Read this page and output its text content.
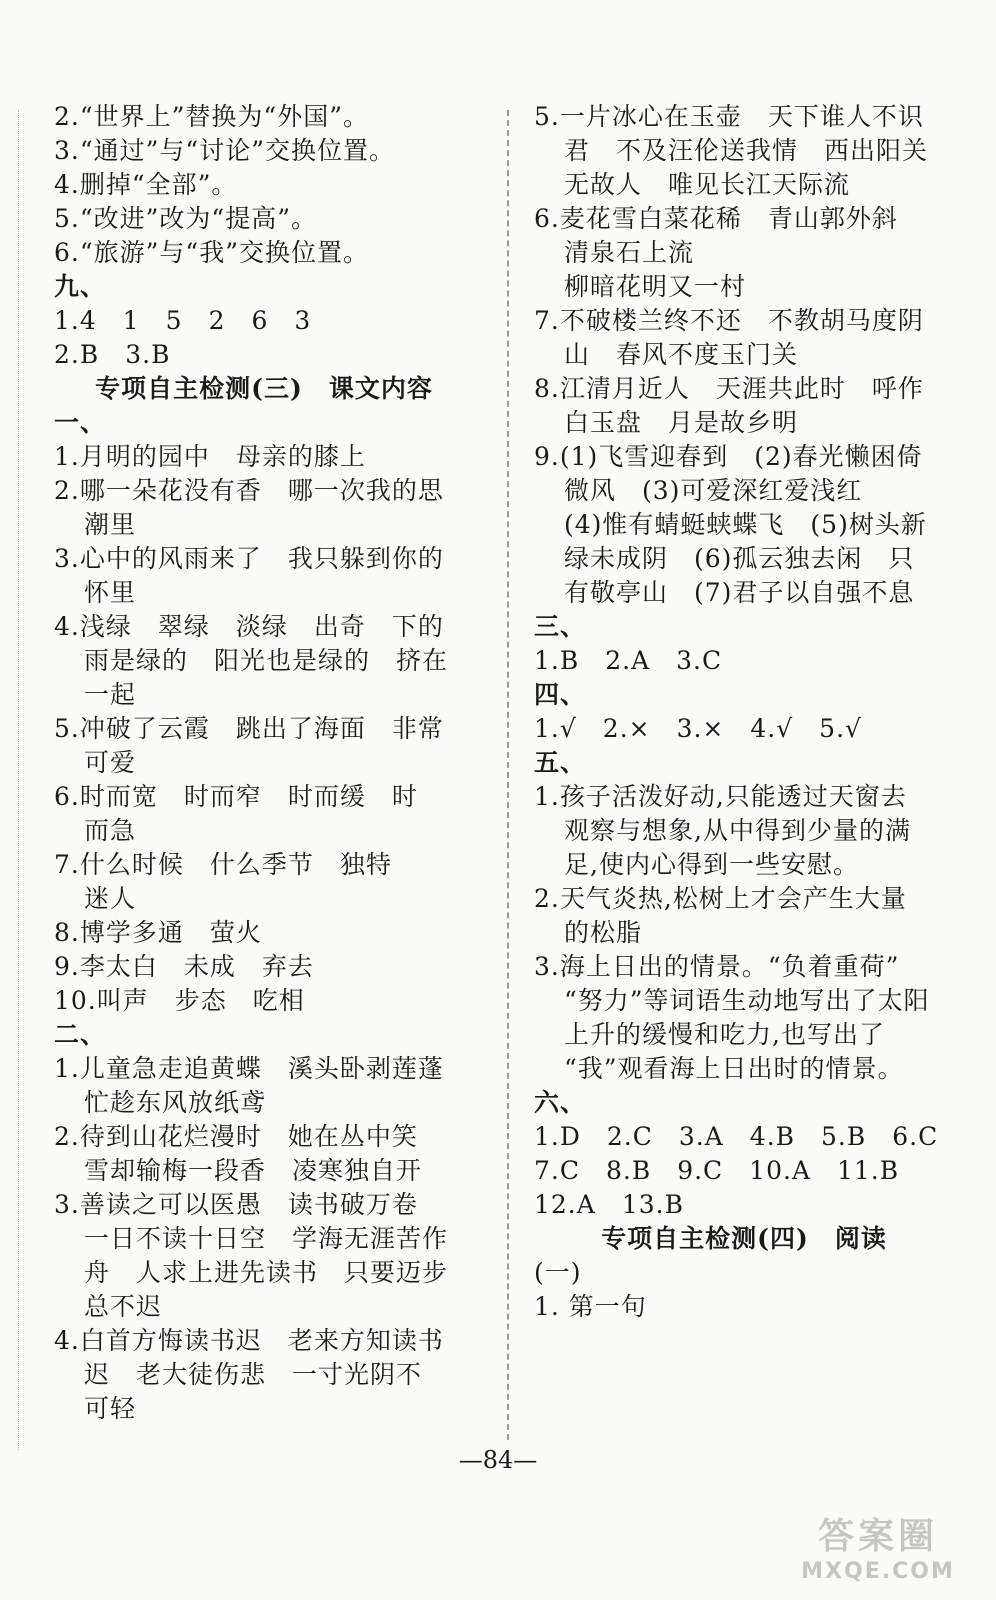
2.“世界上”替换为“外国”。
3.“通过”与“讨论”交换位置。
4.删掉“全部”。
5.“改进”改为“提高”。
6.“旅游”与“我”交换位置。
九、
1.4　1　5　2　6　3
2.B　3.B
专项自主检测(三)　课文内容
一、
1.月明的园中　母亲的膝上
2.哪一朵花没有香　哪一次我的思
潮里
3.心中的风雨来了　我只躲到你的
怀里
4.浅绿　翠绿　淡绿　出奇　下的
雨是绿的　阳光也是绿的　挤在
一起
5.冲破了云霞　跳出了海面　非常
可爱
6.时而宽　时而窄　时而缓　时
而急
7.什么时候　什么季节　独特
迷人
8.博学多通　萤火
9.李太白　未成　弃去
10.叫声　步态　吃相
二、
1.儿童急走追黄蝶　溪头卧剥莲蓬
忙趁东风放纸鸢
2.待到山花烂漫时　她在丛中笑
雪却输梅一段香　凌寒独自开
3.善读之可以医愚　读书破万卷
一日不读十日空　学海无涯苦作
舟　人求上进先读书　只要迈步
总不迟
4.白首方悔读书迟　老来方知读书
迟　老大徒伤悲　一寸光阴不
可轻
5.一片冰心在玉壶　天下谁人不识
君　不及汪伦送我情　西出阳关
无故人　唯见长江天际流
6.麦花雪白菜花稀　青山郭外斜
清泉石上流
柳暗花明又一村
7.不破楼兰终不还　不教胡马度阴
山　春风不度玉门关
8.江清月近人　天涯共此时　呼作
白玉盘　月是故乡明
9.(1)飞雪迎春到　(2)春光懒困倚
微风　(3)可爱深红爱浅红
(4)惟有蜻蜓蛱蝶飞　(5)树头新
绿未成阴　(6)孤云独去闲　只
有敬亭山　(7)君子以自强不息
三、
1.B　2.A　3.C
四、
1.√　2.×　3.×　4.√　5.√
五、
1.孩子活泼好动,只能透过天窗去
观察与想象,从中得到少量的满
足,使内心得到一些安慰。
2.天气炎热,松树上才会产生大量
的松脂
3.海上日出的情景。“负着重荷”
“努力”等词语生动地写出了太阳
上升的缓慢和吃力,也写出了
“我”观看海上日出时的情景。
六、
1.D　2.C　3.A　4.B　5.B　6.C
7.C　8.B　9.C　10.A　11.B
12.A　13.B
专项自主检测(四)　阅读
(一)
1. 第一句
—84—
答案圈
MXQE.COM
